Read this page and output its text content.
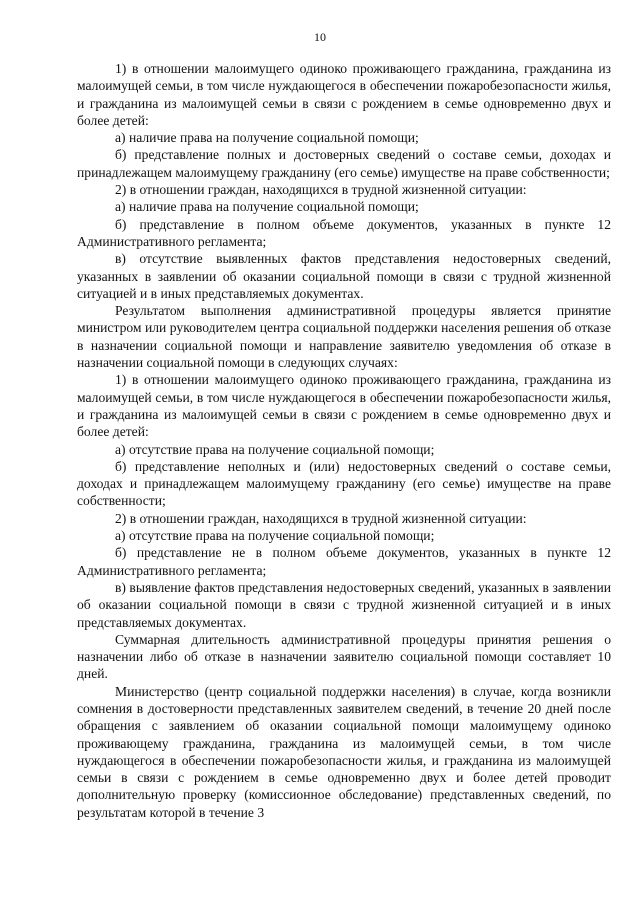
10

1) в отношении малоимущего одиноко проживающего гражданина, гражданина из малоимущей семьи, в том числе нуждающегося в обеспечении пожаробезопасности жилья, и гражданина из малоимущей семьи в связи с рождением в семье одновременно двух и более детей:

а) наличие права на получение социальной помощи;

б) представление полных и достоверных сведений о составе семьи, доходах и принадлежащем малоимущему гражданину (его семье) имуществе на праве собственности;

2) в отношении граждан, находящихся в трудной жизненной ситуации:

а) наличие права на получение социальной помощи;

б) представление в полном объеме документов, указанных в пункте 12 Административного регламента;

в) отсутствие выявленных фактов представления недостоверных сведений, указанных в заявлении об оказании социальной помощи в связи с трудной жизненной ситуацией и в иных представляемых документах.

Результатом выполнения административной процедуры является принятие министром или руководителем центра социальной поддержки населения решения об отказе в назначении социальной помощи и направление заявителю уведомления об отказе в назначении социальной помощи в следующих случаях:

1) в отношении малоимущего одиноко проживающего гражданина, гражданина из малоимущей семьи, в том числе нуждающегося в обеспечении пожаробезопасности жилья, и гражданина из малоимущей семьи в связи с рождением в семье одновременно двух и более детей:

а) отсутствие права на получение социальной помощи;

б) представление неполных и (или) недостоверных сведений о составе семьи, доходах и принадлежащем малоимущему гражданину (его семье) имуществе на праве собственности;

2) в отношении граждан, находящихся в трудной жизненной ситуации:

а) отсутствие права на получение социальной помощи;

б) представление не в полном объеме документов, указанных в пункте 12 Административного регламента;

в) выявление фактов представления недостоверных сведений, указанных в заявлении об оказании социальной помощи в связи с трудной жизненной ситуацией и в иных представляемых документах.

Суммарная длительность административной процедуры принятия решения о назначении либо об отказе в назначении заявителю социальной помощи составляет 10 дней.

Министерство (центр социальной поддержки населения) в случае, когда возникли сомнения в достоверности представленных заявителем сведений, в течение 20 дней после обращения с заявлением об оказании социальной помощи малоимущему одиноко проживающему гражданина, гражданина из малоимущей семьи, в том числе нуждающегося в обеспечении пожаробезопасности жилья, и гражданина из малоимущей семьи в связи с рождением в семье одновременно двух и более детей проводит дополнительную проверку (комиссионное обследование) представленных сведений, по результатам которой в течение 3
